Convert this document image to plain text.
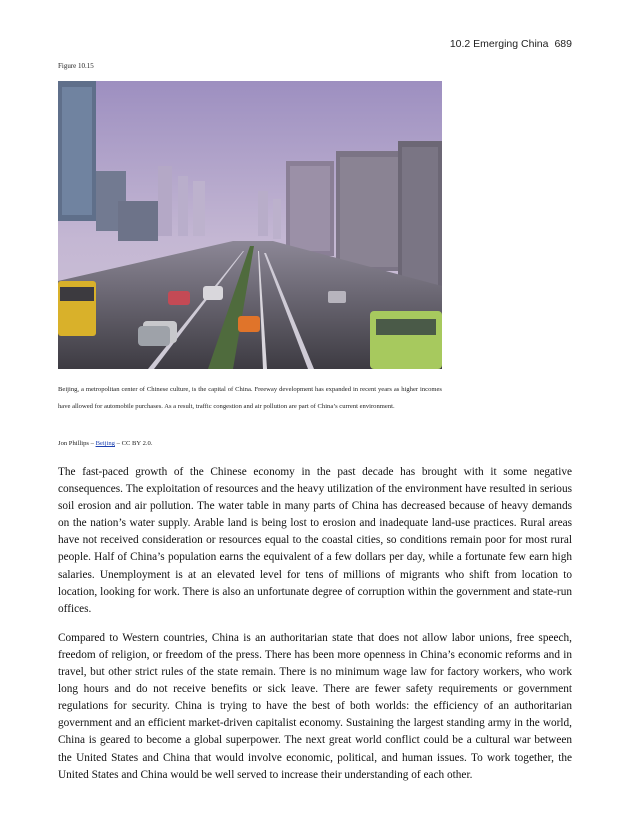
10.2 Emerging China 689
Figure 10.15
Beijing, a metropolitan center of Chinese culture, is the capital of China. Freeway development has expanded in recent years as higher incomes have allowed for automobile purchases. As a result, traffic congestion and air pollution are part of China’s current environment.
Jon Phillips – Beijing – CC BY 2.0.

The fast-paced growth of the Chinese economy in the past decade has brought with it some negative consequences. The exploitation of resources and the heavy utilization of the environment have resulted in serious soil erosion and air pollution. The water table in many parts of China has decreased because of heavy demands on the nation’s water supply. Arable land is being lost to erosion and inadequate land-use practices. Rural areas have not received consideration or resources equal to the coastal cities, so conditions remain poor for most rural people. Half of China’s population earns the equivalent of a few dollars per day, while a fortunate few earn high salaries. Unemployment is at an elevated level for tens of millions of migrants who shift from location to location, looking for work. There is also an unfortunate degree of corruption within the government and state-run offices.

Compared to Western countries, China is an authoritarian state that does not allow labor unions, free speech, freedom of religion, or freedom of the press. There has been more openness in China’s economic reforms and in travel, but other strict rules of the state remain. There is no minimum wage law for factory workers, who work long hours and do not receive benefits or sick leave. There are fewer safety requirements or government regulations for security. China is trying to have the best of both worlds: the efficiency of an authoritarian government and an efficient market-driven capitalist economy. Sustaining the largest standing army in the world, China is geared to become a global superpower. The next great world conflict could be a cultural war between the United States and China that would involve economic, political, and human issues. To work together, the United States and China would be well served to increase their understanding of each other.
